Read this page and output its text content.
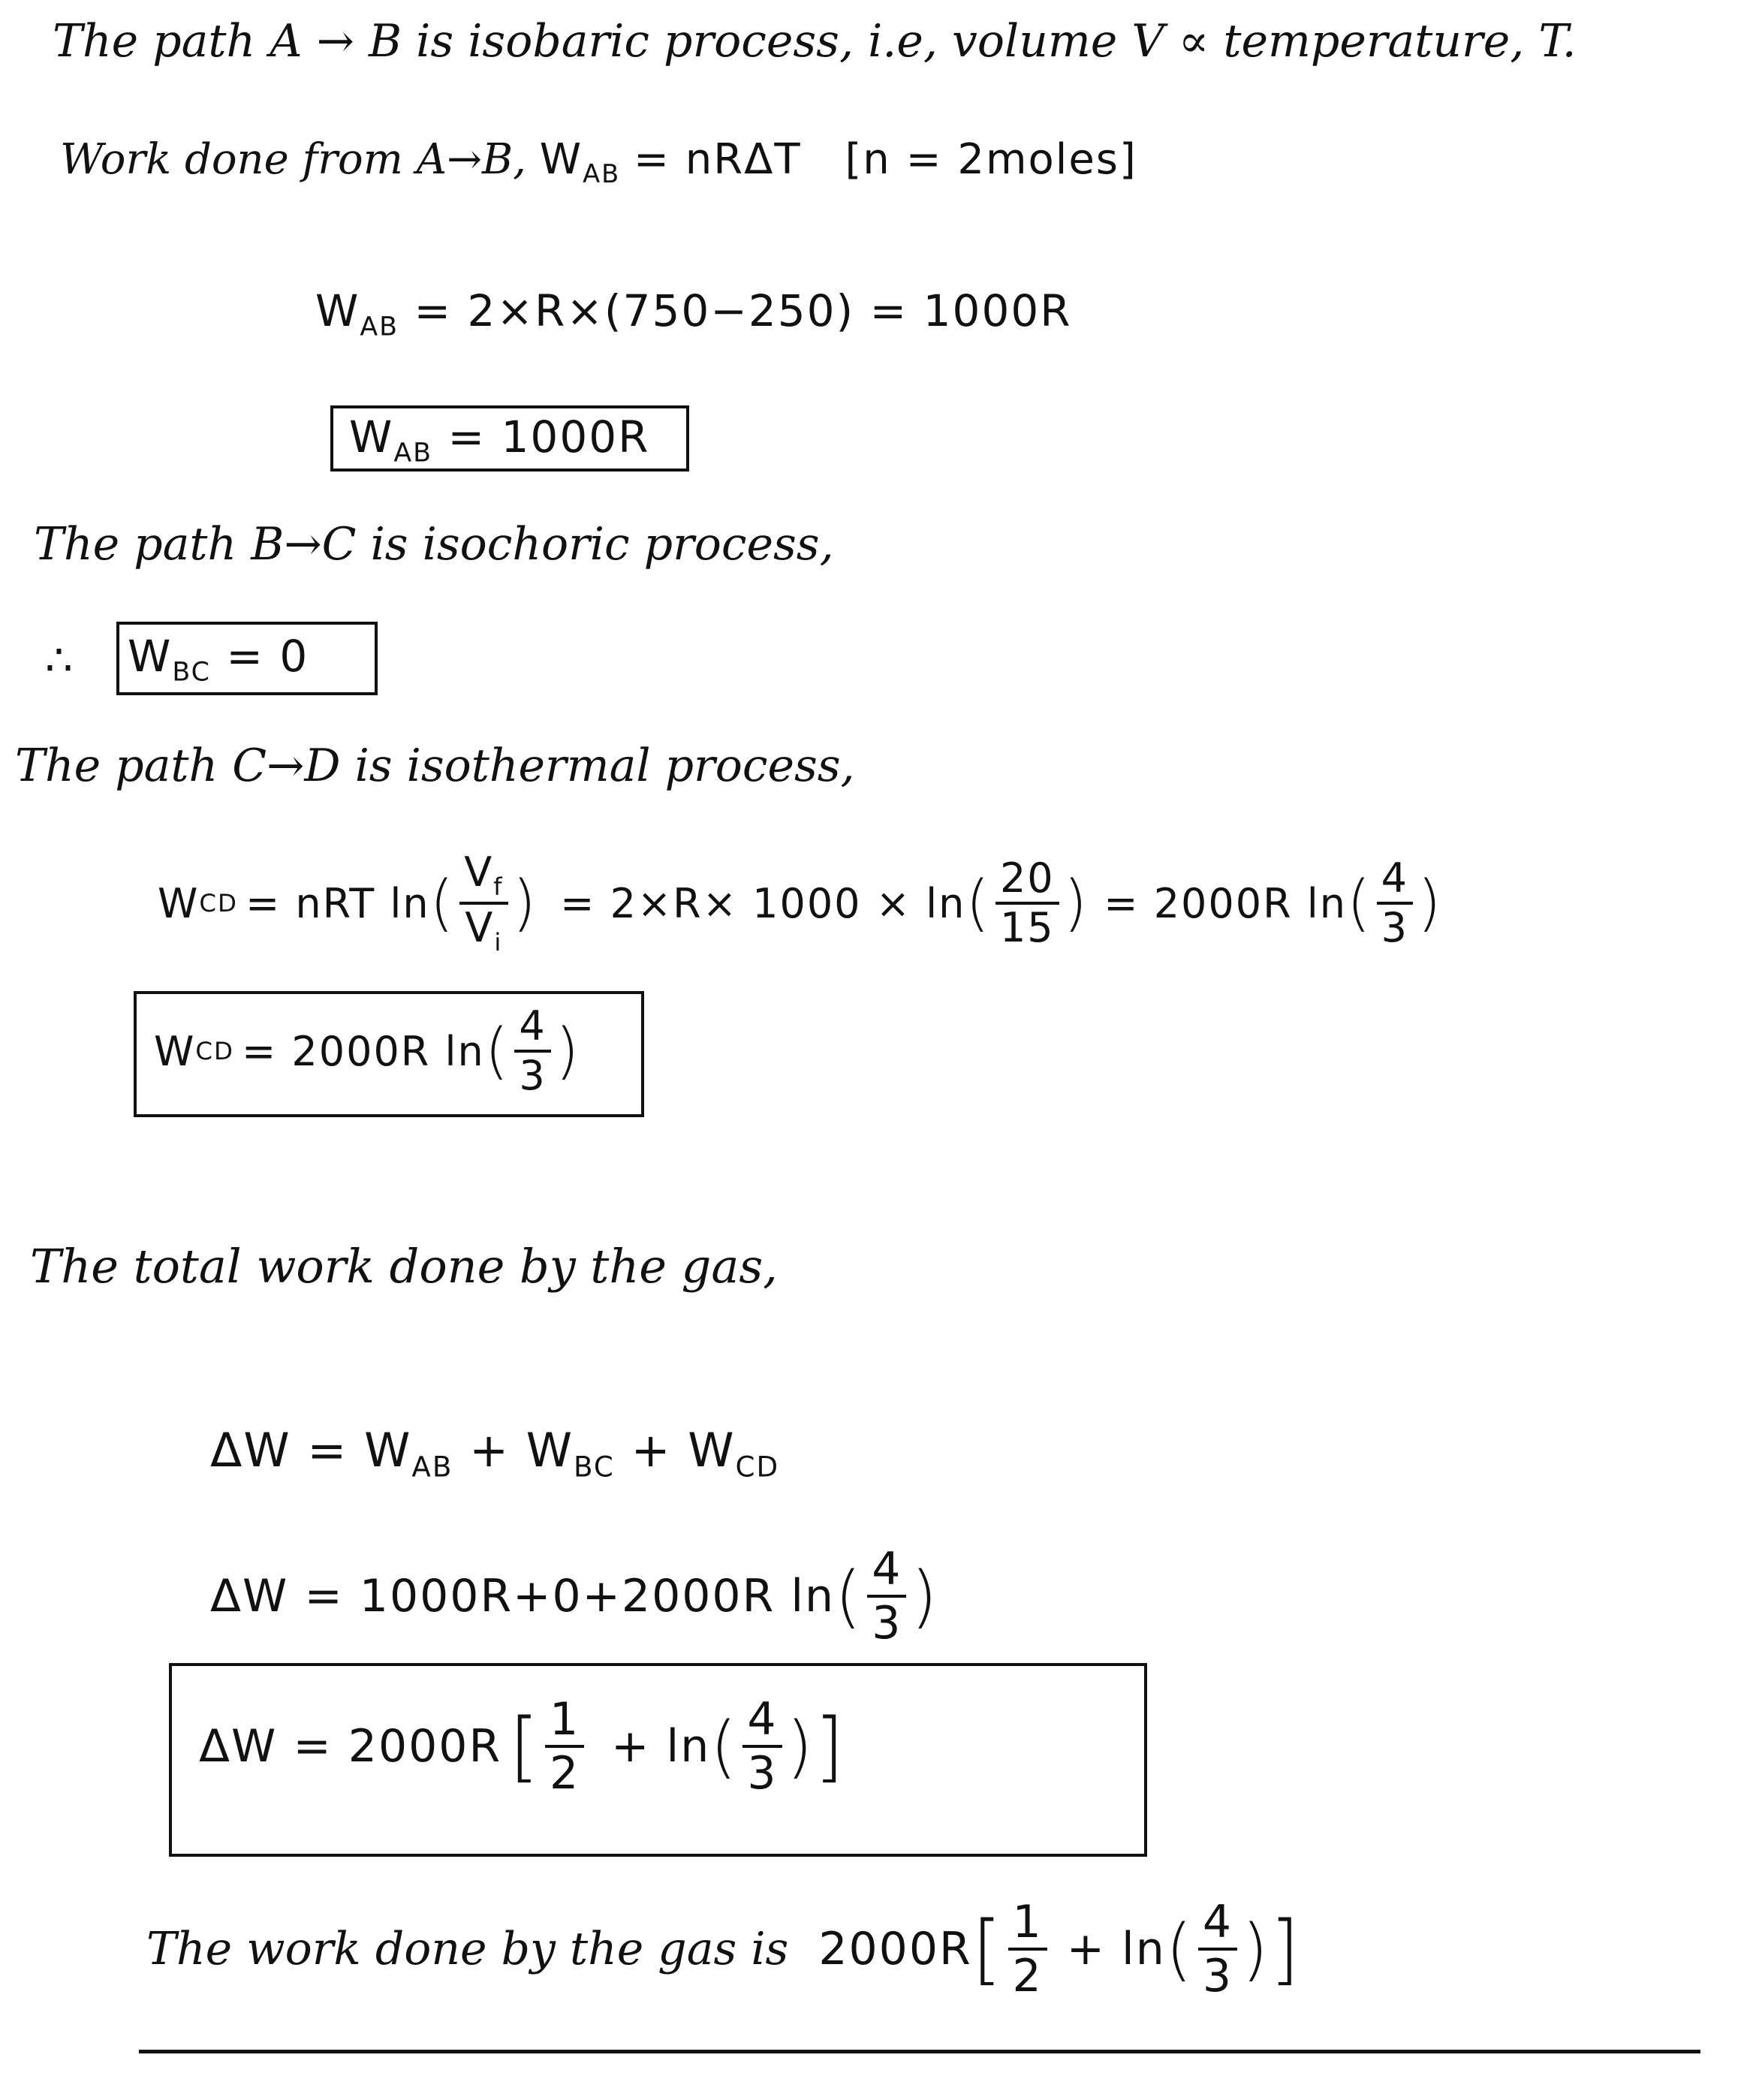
The path A → B is isobaric process, i.e, volume V ∝ temperature, T.
Work done from A→B, $W_{AB} = nR\Delta T$ [n = 2moles]
$W_{AB} = 2\times R\times(750-250) = 1000R$
$W_{AB} = 1000R$
The path B→C is isochoric process,
∴ $W_{BC} = 0$
The path C→D is isothermal process,
W CD = nRT ln ( $\frac{V_f}{V_i}$ ) = 2×R× 1000 × ln ( $\frac{20}{15}$ ) = 2000R ln ( $\frac{4}{3}$ )
W CD = 2000R ln ( $\frac{4}{3}$ )
The total work done by the gas,
$\Delta W = W_{AB} + W_{BC} + W_{CD}$
ΔW = 1000R+0+2000R ln ( $\frac{4}{3}$ )
ΔW = 2000R [ $\frac{1}{2} + \ln$ ( $\frac{4}{3}$ ) ]
The work done by the gas is 2000R [ $\frac{1}{2} + \ln$ ( $\frac{4}{3}$ ) ]
